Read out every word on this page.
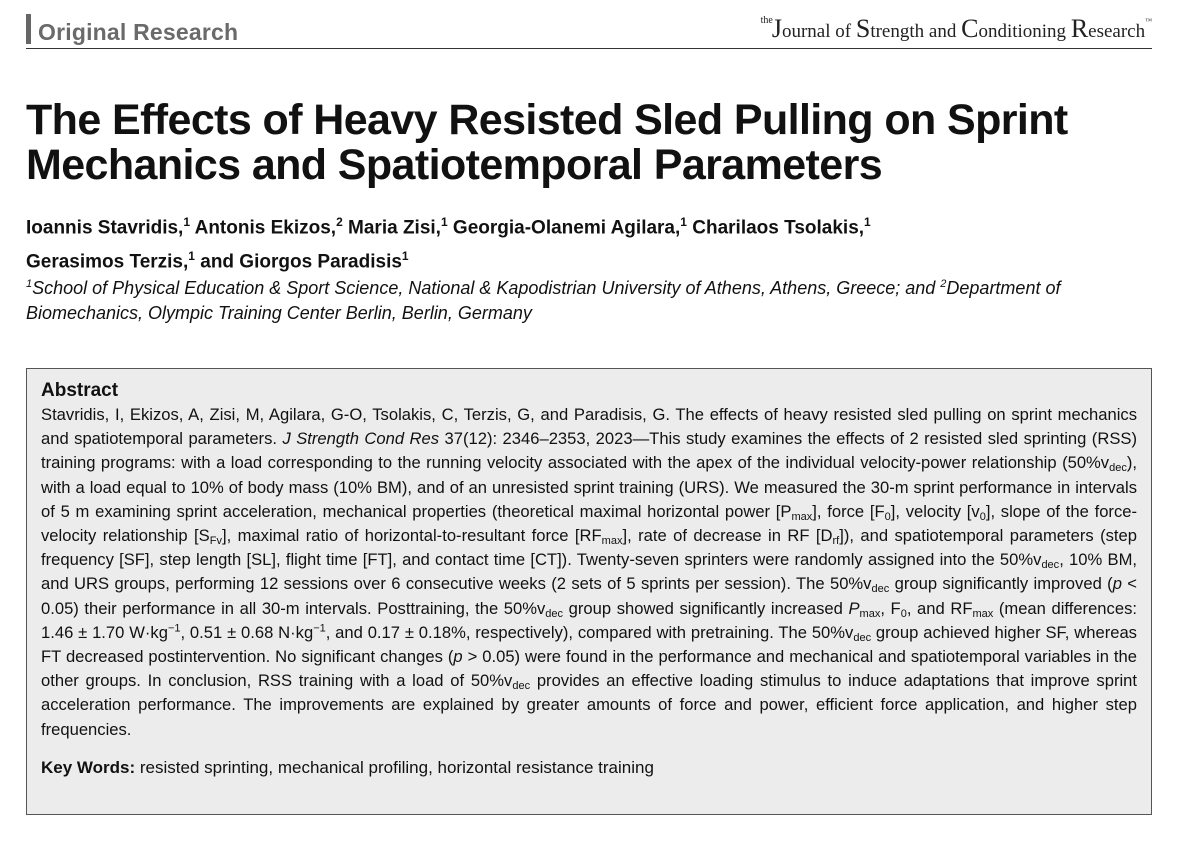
Original Research	$^{the}$Journal of Strength and Conditioning Research™
The Effects of Heavy Resisted Sled Pulling on Sprint Mechanics and Spatiotemporal Parameters
Ioannis Stavridis,$^1$ Antonis Ekizos,$^2$ Maria Zisi,$^1$ Georgia-Olanemi Agilara,$^1$ Charilaos Tsolakis,$^1$
Gerasimos Terzis,$^1$ and Giorgos Paradisis$^1$
$^1$School of Physical Education & Sport Science, National & Kapodistrian University of Athens, Athens, Greece; and $^2$Department of Biomechanics, Olympic Training Center Berlin, Berlin, Germany
Abstract
Stavridis, I, Ekizos, A, Zisi, M, Agilara, G-O, Tsolakis, C, Terzis, G, and Paradisis, G. The effects of heavy resisted sled pulling on sprint mechanics and spatiotemporal parameters. J Strength Cond Res 37(12): 2346–2353, 2023—This study examines the effects of 2 resisted sled sprinting (RSS) training programs: with a load corresponding to the running velocity associated with the apex of the individual velocity-power relationship $(50\%v_{dec})$, with a load equal to 10% of body mass (10% BM), and of an unresisted sprint training (URS). We measured the 30-m sprint performance in intervals of 5 m examining sprint acceleration, mechanical properties (theoretical maximal horizontal power $[P_{max}]$, force $[F_0]$, velocity $[v_0]$, slope of the force-velocity relationship $[S_{Fv}]$, maximal ratio of horizontal-to-resultant force $[RF_{max}]$, rate of decrease in RF $[D_{rf}]$), and spatiotemporal parameters (step frequency [SF], step length [SL], flight time [FT], and contact time [CT]). Twenty-seven sprinters were randomly assigned into the $50\%v_{dec}$, 10% BM, and URS groups, performing 12 sessions over 6 consecutive weeks (2 sets of 5 sprints per session). The $50\%v_{dec}$ group significantly improved (p < 0.05) their performance in all 30-m intervals. Posttraining, the $50\%v_{dec}$ group showed significantly increased $P_{max}$, $F_0$, and $RF_{max}$ (mean differences: 1.46 ± 1.70 $W\cdot kg^{-1}$, 0.51 ± 0.68 $N\cdot kg^{-1}$, and 0.17 ± 0.18%, respectively), compared with pretraining. The $50\%v_{dec}$ group achieved higher SF, whereas FT decreased postintervention. No significant changes (p > 0.05) were found in the performance and mechanical and spatiotemporal variables in the other groups. In conclusion, RSS training with a load of $50\%v_{dec}$ provides an effective loading stimulus to induce adaptations that improve sprint acceleration performance. The improvements are explained by greater amounts of force and power, efficient force application, and higher step frequencies.
Key Words: resisted sprinting, mechanical profiling, horizontal resistance training
